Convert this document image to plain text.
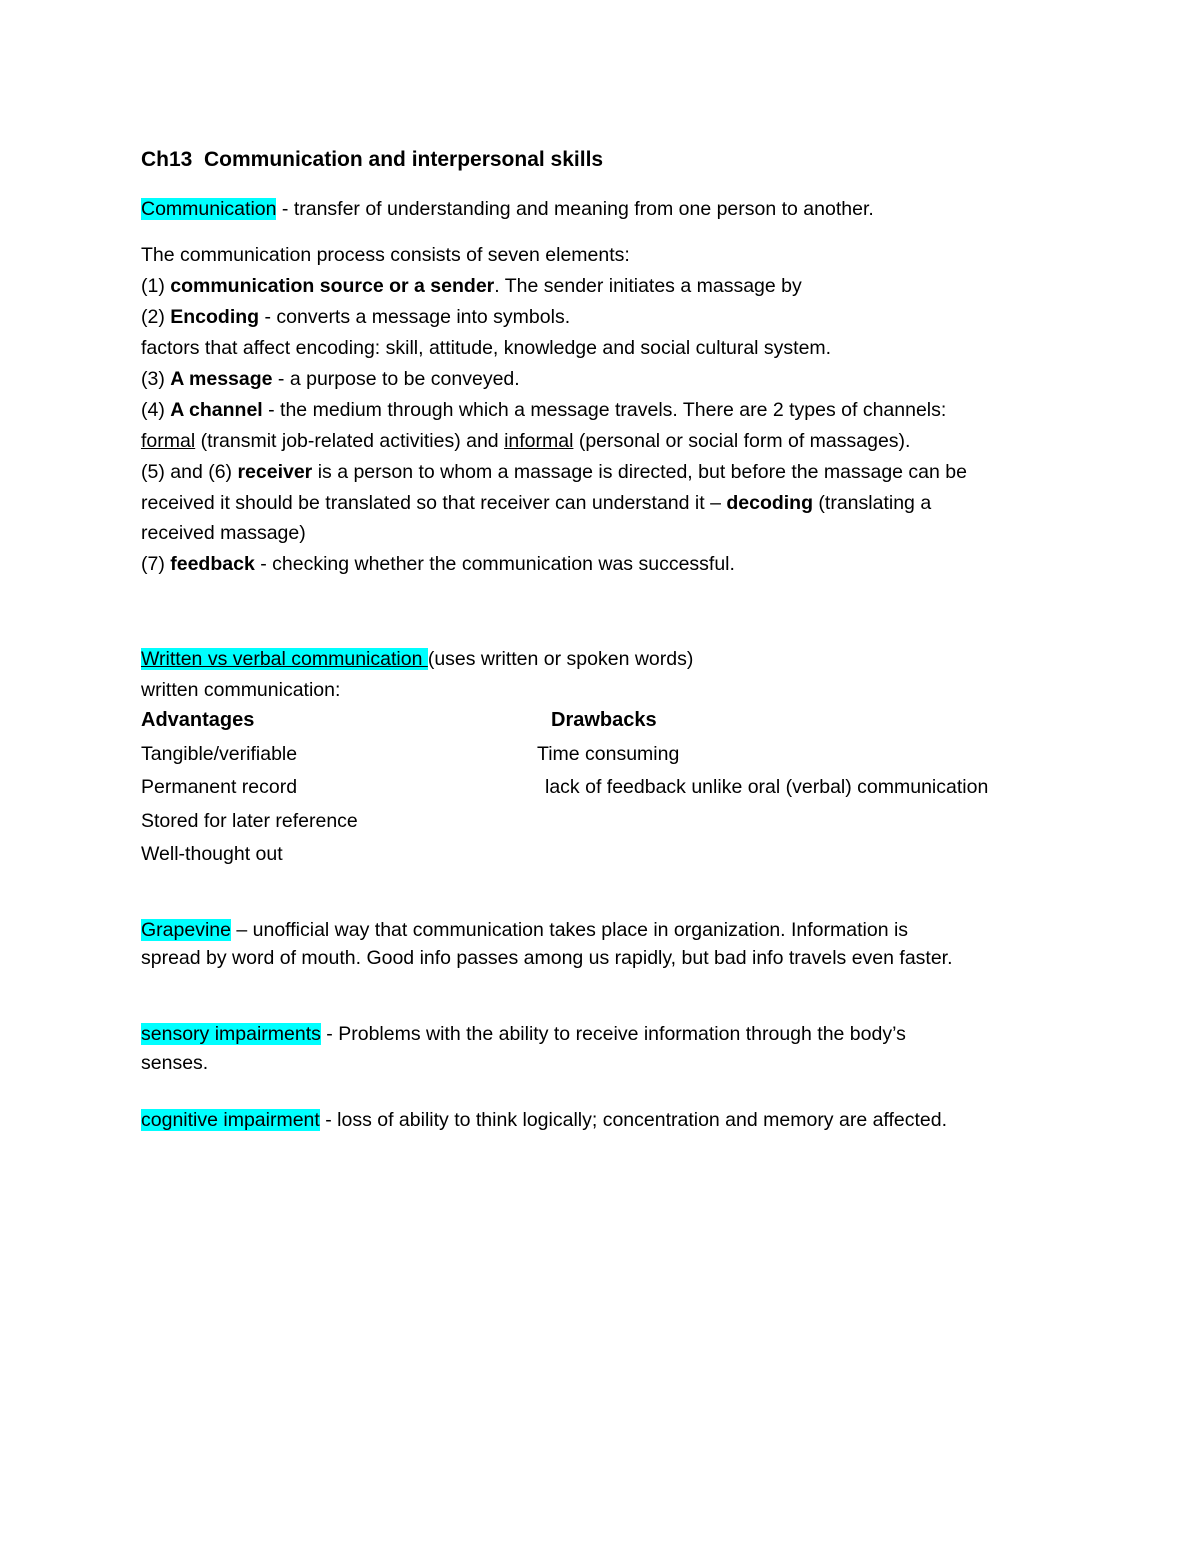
Ch13  Communication and interpersonal skills
Communication - transfer of understanding and meaning from one person to another.
The communication process consists of seven elements:
(1) communication source or a sender. The sender initiates a massage by
(2) Encoding - converts a message into symbols.
factors that affect encoding: skill, attitude, knowledge and social cultural system.
(3) A message - a purpose to be conveyed.
(4) A channel - the medium through which a message travels. There are 2 types of channels:
formal (transmit job-related activities) and informal (personal or social form of massages).
(5) and (6) receiver is a person to whom a massage is directed, but before the massage can be
received it should be translated so that receiver can understand it – decoding (translating a
received massage)
(7) feedback - checking whether the communication was successful.
Written vs verbal communication (uses written or spoken words)
written communication:
Advantages	Drawbacks
Tangible/verifiable
Permanent record
Stored for later reference
Well-thought out
Time consuming
lack of feedback unlike oral (verbal) communication
Grapevine – unofficial way that communication takes place in organization. Information is
spread by word of mouth. Good info passes among us rapidly, but bad info travels even faster.
sensory impairments - Problems with the ability to receive information through the body’s
senses.
cognitive impairment - loss of ability to think logically; concentration and memory are affected.
